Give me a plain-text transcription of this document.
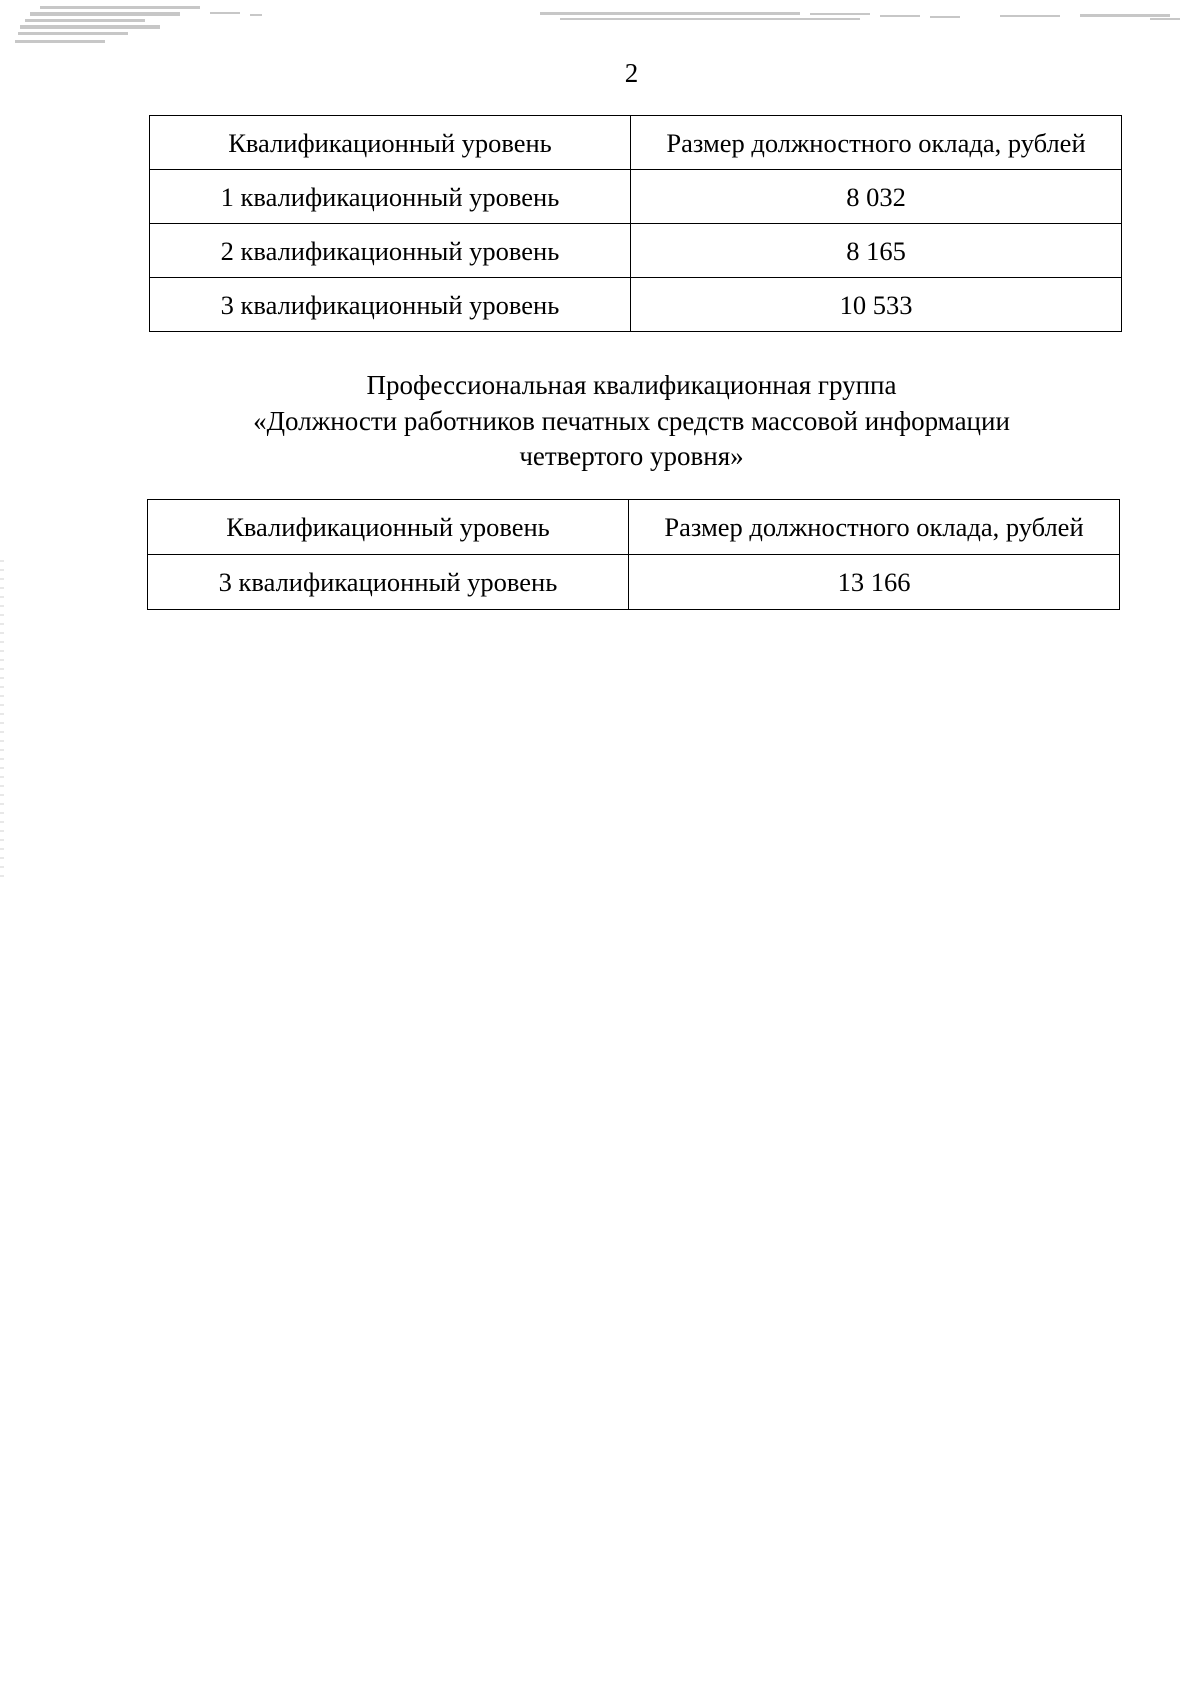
2
Квалификационный уровень	Размер должностного оклада, рублей
1 квалификационный уровень	8 032
2 квалификационный уровень	8 165
3 квалификационный уровень	10 533
Профессиональная квалификационная группа
«Должности работников печатных средств массовой информации
четвертого уровня»
Квалификационный уровень	Размер должностного оклада, рублей
3 квалификационный уровень	13 166
